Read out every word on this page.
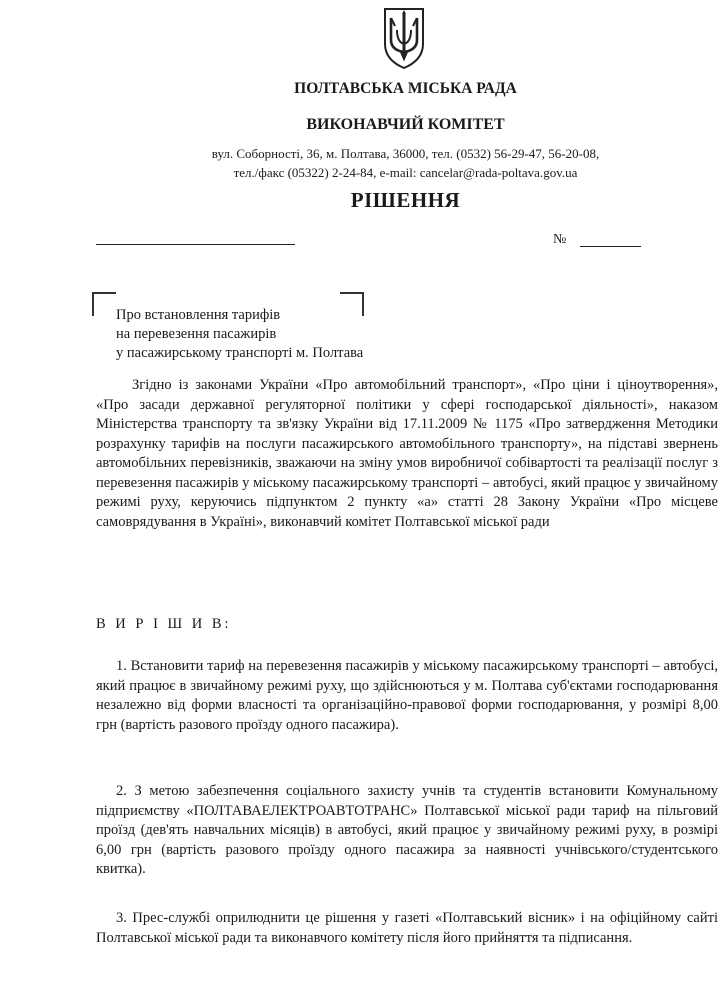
ПОЛТАВСЬКА МІСЬКА РАДА
ВИКОНАВЧИЙ КОМІТЕТ
вул. Соборності, 36, м. Полтава, 36000, тел. (0532) 56-29-47, 56-20-08,
тел./факс (05322) 2-24-84, e-mail: cancelar@rada-poltava.gov.ua
РІШЕННЯ
№
Про встановлення тарифів
на перевезення пасажирів
у пасажирському транспорті м. Полтава
Згідно із законами України «Про автомобільний транспорт», «Про ціни і ціноутворення», «Про засади державної регуляторної політики у сфері господарської діяльності», наказом Міністерства транспорту та зв'язку України від 17.11.2009 № 1175 «Про затвердження Методики розрахунку тарифів на послуги пасажирського автомобільного транспорту», на підставі звернень автомобільних перевізників, зважаючи на зміну умов виробничої собівартості та реалізації послуг з перевезення пасажирів у міському пасажирському транспорті – автобусі, який працює у звичайному режимі руху, керуючись підпунктом 2 пункту «а» статті 28 Закону України «Про місцеве самоврядування в Україні», виконавчий комітет Полтавської міської ради
В И Р І Ш И В:
1. Встановити тариф на перевезення пасажирів у міському пасажирському транспорті – автобусі, який працює в звичайному режимі руху, що здійснюються у м. Полтава суб'єктами господарювання незалежно від форми власності та організаційно-правової форми господарювання, у розмірі 8,00 грн (вартість разового проїзду одного пасажира).
2. З метою забезпечення соціального захисту учнів та студентів встановити Комунальному підприємству «ПОЛТАВАЕЛЕКТРОАВТОТРАНС» Полтавської міської ради тариф на пільговий проїзд (дев'ять навчальних місяців) в автобусі, який працює у звичайному режимі руху, в розмірі 6,00 грн (вартість разового проїзду одного пасажира за наявності учнівського/студентського квитка).
3. Прес-службі оприлюднити це рішення у газеті «Полтавський вісник» і на офіційному сайті Полтавської міської ради та виконавчого комітету після його прийняття та підписання.
